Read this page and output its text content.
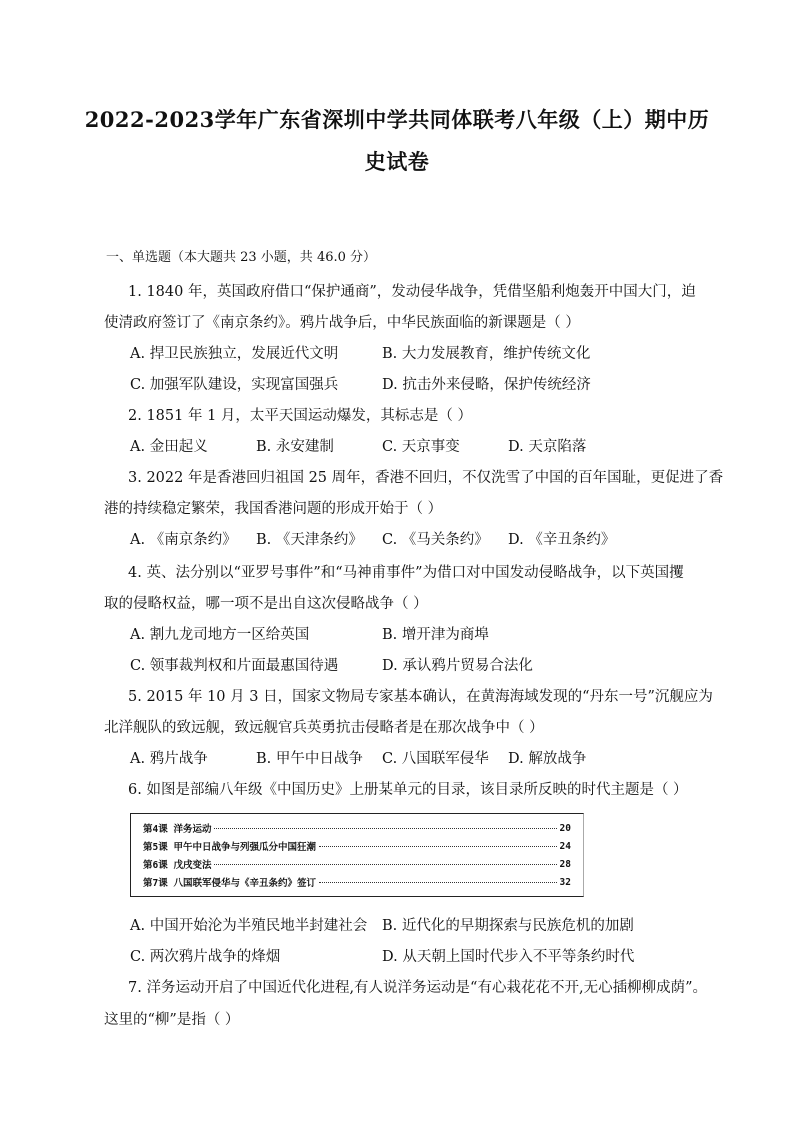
2022-2023学年广东省深圳中学共同体联考八年级（上）期中历
史试卷
一、单选题（本大题共 23 小题，共 46.0 分）
1. 1840 年，英国政府借口“保护通商”，发动侵华战争，凭借坚船利炮轰开中国大门，迫
使清政府签订了《南京条约》。鸦片战争后，中华民族面临的新课题是（ ）
A. 捍卫民族独立，发展近代文明	B. 大力发展教育，维护传统文化
C. 加强军队建设，实现富国强兵	D. 抗击外来侵略，保护传统经济
2. 1851 年 1 月，太平天国运动爆发，其标志是（ ）
A. 金田起义	B. 永安建制	C. 天京事变	D. 天京陷落
3. 2022 年是香港回归祖国 25 周年，香港不回归，不仅洗雪了中国的百年国耻，更促进了香
港的持续稳定繁荣，我国香港问题的形成开始于（ ）
A. 《南京条约》 B. 《天津条约》 C. 《马关条约》 D. 《辛丑条约》
4. 英、法分别以“亚罗号事件”和“马神甫事件”为借口对中国发动侵略战争，以下英国攫
取的侵略权益，哪一项不是出自这次侵略战争（ ）
A. 割九龙司地方一区给英国	B. 增开津为商埠
C. 领事裁判权和片面最惠国待遇	D. 承认鸦片贸易合法化
5. 2015 年 10 月 3 日，国家文物局专家基本确认，在黄海海域发现的“丹东一号”沉舰应为
北洋舰队的致远舰，致远舰官兵英勇抗击侵略者是在那次战争中（ ）
A. 鸦片战争	B. 甲午中日战争 C. 八国联军侵华 D. 解放战争
6. 如图是部编八年级《中国历史》上册某单元的目录，该目录所反映的时代主题是（ ）
第4课 洋务运动	20
第5课 甲午中日战争与列强瓜分中国狂潮	24
第6课 戊戌变法	28
第7课 八国联军侵华与《辛丑条约》签订	32
A. 中国开始沦为半殖民地半封建社会 B. 近代化的早期探索与民族危机的加剧
C. 两次鸦片战争的烽烟	D. 从天朝上国时代步入不平等条约时代
7. 洋务运动开启了中国近代化进程,有人说洋务运动是“有心栽花花不开,无心插柳柳成荫”。
这里的“柳”是指（ ）
